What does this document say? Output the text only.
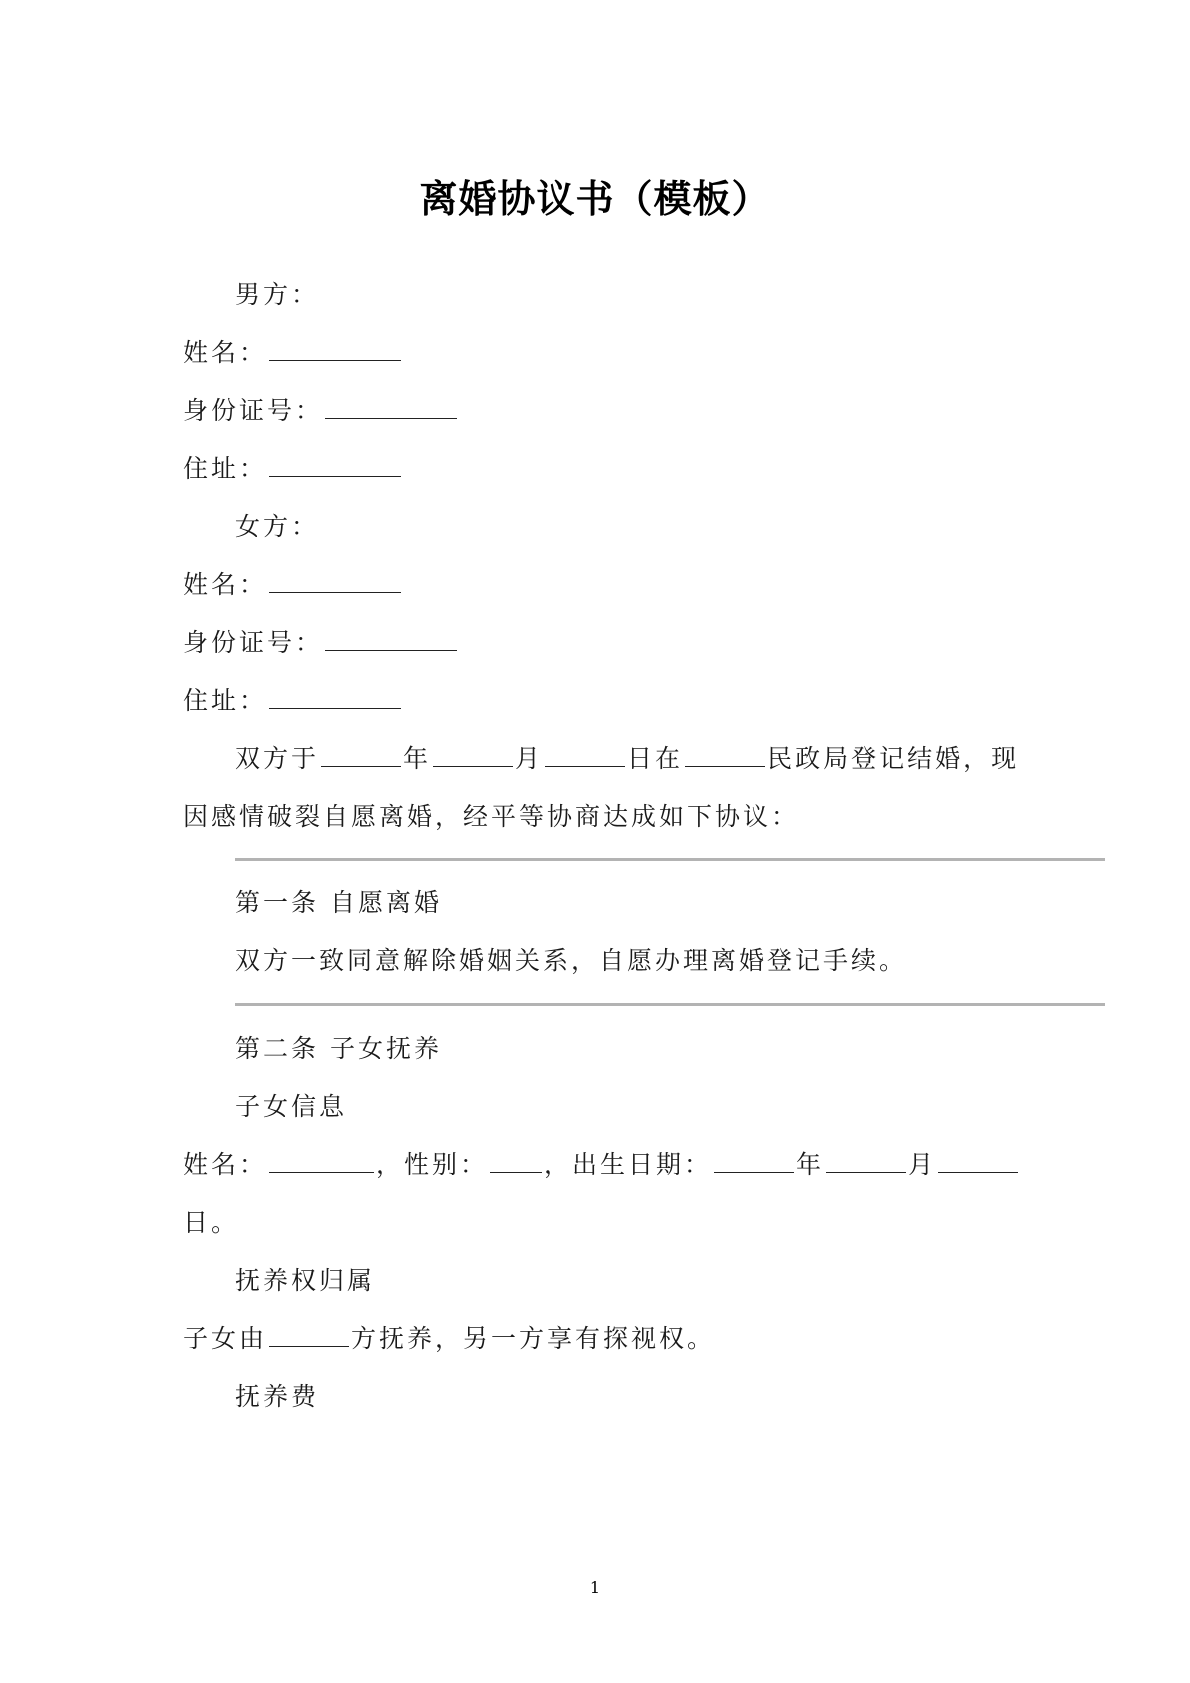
离婚协议书（模板）
男方：
姓名：
身份证号：
住址：
女方：
姓名：
身份证号：
住址：
双方于	年	月	日在	民政局登记结婚，现
因感情破裂自愿离婚，经平等协商达成如下协议：
第一条 自愿离婚
双方一致同意解除婚姻关系，自愿办理离婚登记手续。
第二条 子女抚养
子女信息
姓名：	，性别： ，出生日期：	年	月
日。
抚养权归属
子女由	方抚养，另一方享有探视权。
抚养费
1
